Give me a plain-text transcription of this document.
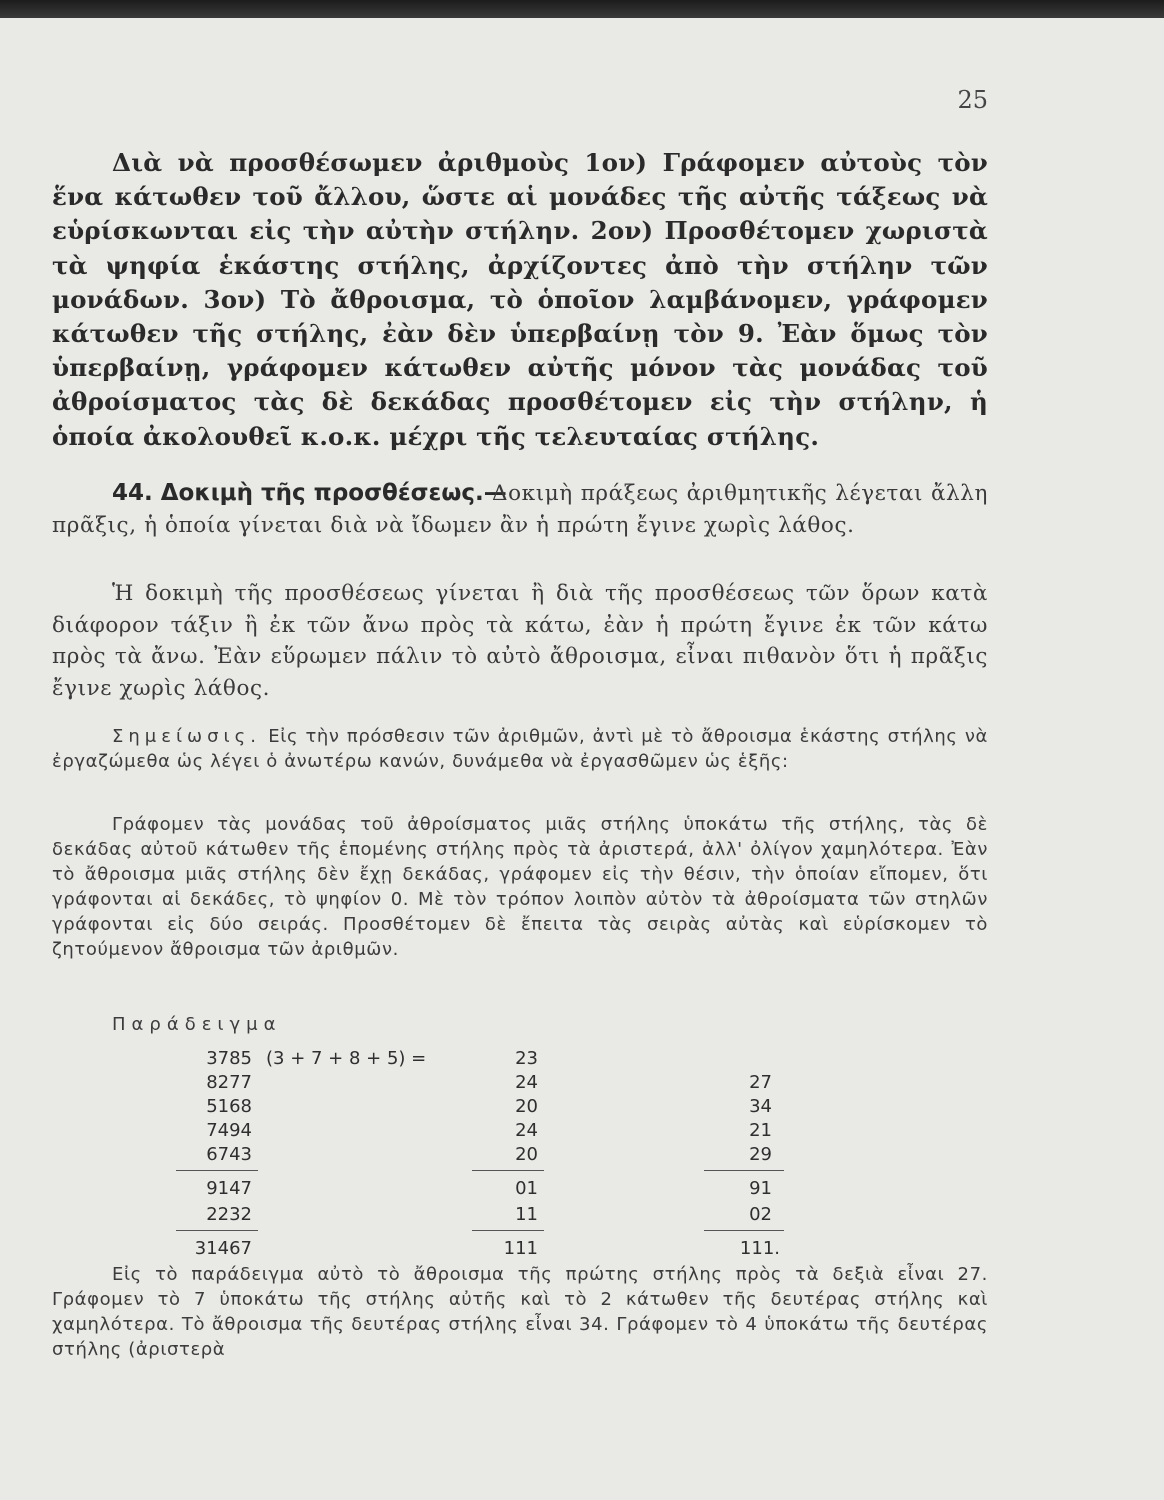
25

Διὰ νὰ προσθέσωμεν ἀριθμοὺς 1ον) Γράφομεν αὐτοὺς τὸν ἕνα κάτωθεν τοῦ ἄλλου, ὥστε αἱ μονάδες τῆς αὐτῆς τάξεως νὰ εὑρίσκωνται εἰς τὴν αὐτὴν στήλην. 2ον) Προσθέτομεν χωριστὰ τὰ ψηφία ἑκάστης στήλης, ἀρχίζοντες ἀπὸ τὴν στήλην τῶν μονάδων. 3ον) Τὸ ἄθροισμα, τὸ ὁποῖον λαμβάνομεν, γράφομεν κάτωθεν τῆς στήλης, ἐὰν δὲν ὑπερβαίνῃ τὸν 9. Ἐὰν ὅμως τὸν ὑπερβαίνῃ, γράφομεν κάτωθεν αὐτῆς μόνον τὰς μονάδας τοῦ ἀθροίσματος τὰς δὲ δεκάδας προσθέτομεν εἰς τὴν στήλην, ἡ ὁποία ἀκολουθεῖ κ.ο.κ. μέχρι τῆς τελευταίας στήλης.

44. Δοκιμὴ τῆς προσθέσεως.—

Δοκιμὴ πράξεως ἀριθμητικῆς λέγεται ἄλλη πρᾶξις, ἡ ὁποία γίνεται διὰ νὰ ἴδωμεν ἂν ἡ πρώτη ἔγινε χωρὶς λάθος.

Ἡ δοκιμὴ τῆς προσθέσεως γίνεται ἢ διὰ τῆς προσθέσεως τῶν ὅρων κατὰ διάφορον τάξιν ἢ ἐκ τῶν ἄνω πρὸς τὰ κάτω, ἐὰν ἡ πρώτη ἔγινε ἐκ τῶν κάτω πρὸς τὰ ἄνω. Ἐὰν εὕρωμεν πάλιν τὸ αὐτὸ ἄθροισμα, εἶναι πιθανὸν ὅτι ἡ πρᾶξις ἔγινε χωρὶς λάθος.

Σημείωσις. Εἰς τὴν πρόσθεσιν τῶν ἀριθμῶν, ἀντὶ μὲ τὸ ἄθροισμα ἑκάστης στήλης νὰ ἐργαζώμεθα ὡς λέγει ὁ ἀνωτέρω κανών, δυνάμεθα νὰ ἐργασθῶμεν ὡς ἑξῆς:

Γράφομεν τὰς μονάδας τοῦ ἀθροίσματος μιᾶς στήλης ὑποκάτω τῆς στήλης, τὰς δὲ δεκάδας αὐτοῦ κάτωθεν τῆς ἑπομένης στήλης πρὸς τὰ ἀριστερά, ἀλλ' ὀλίγον χαμηλότερα. Ἐὰν τὸ ἄθροισμα μιᾶς στήλης δὲν ἔχῃ δεκάδας, γράφομεν εἰς τὴν θέσιν, τὴν ὁποίαν εἴπομεν, ὅτι γράφονται αἱ δεκάδες, τὸ ψηφίον 0. Μὲ τὸν τρόπον λοιπὸν αὐτὸν τὰ ἀθροίσματα τῶν στηλῶν γράφονται εἰς δύο σειράς. Προσθέτομεν δὲ ἔπειτα τὰς σειρὰς αὐτὰς καὶ εὑρίσκομεν τὸ ζητούμενον ἄθροισμα τῶν ἀριθμῶν.

Παράδειγμα
3785
8277
5168
7494
6743
9147
2232
31467
(3 + 7 + 8 + 5) =	23
24
20
24
20
01
11
111
27
34
21
29
91
02
111.

Εἰς τὸ παράδειγμα αὐτὸ τὸ ἄθροισμα τῆς πρώτης στήλης πρὸς τὰ δεξιὰ εἶναι 27. Γράφομεν τὸ 7 ὑποκάτω τῆς στήλης αὐτῆς καὶ τὸ 2 κάτωθεν τῆς δευτέρας στήλης καὶ χαμηλότερα. Τὸ ἄθροισμα τῆς δευτέρας στήλης εἶναι 34. Γράφομεν τὸ 4 ὑποκάτω τῆς δευτέρας στήλης (ἀριστερὰ
